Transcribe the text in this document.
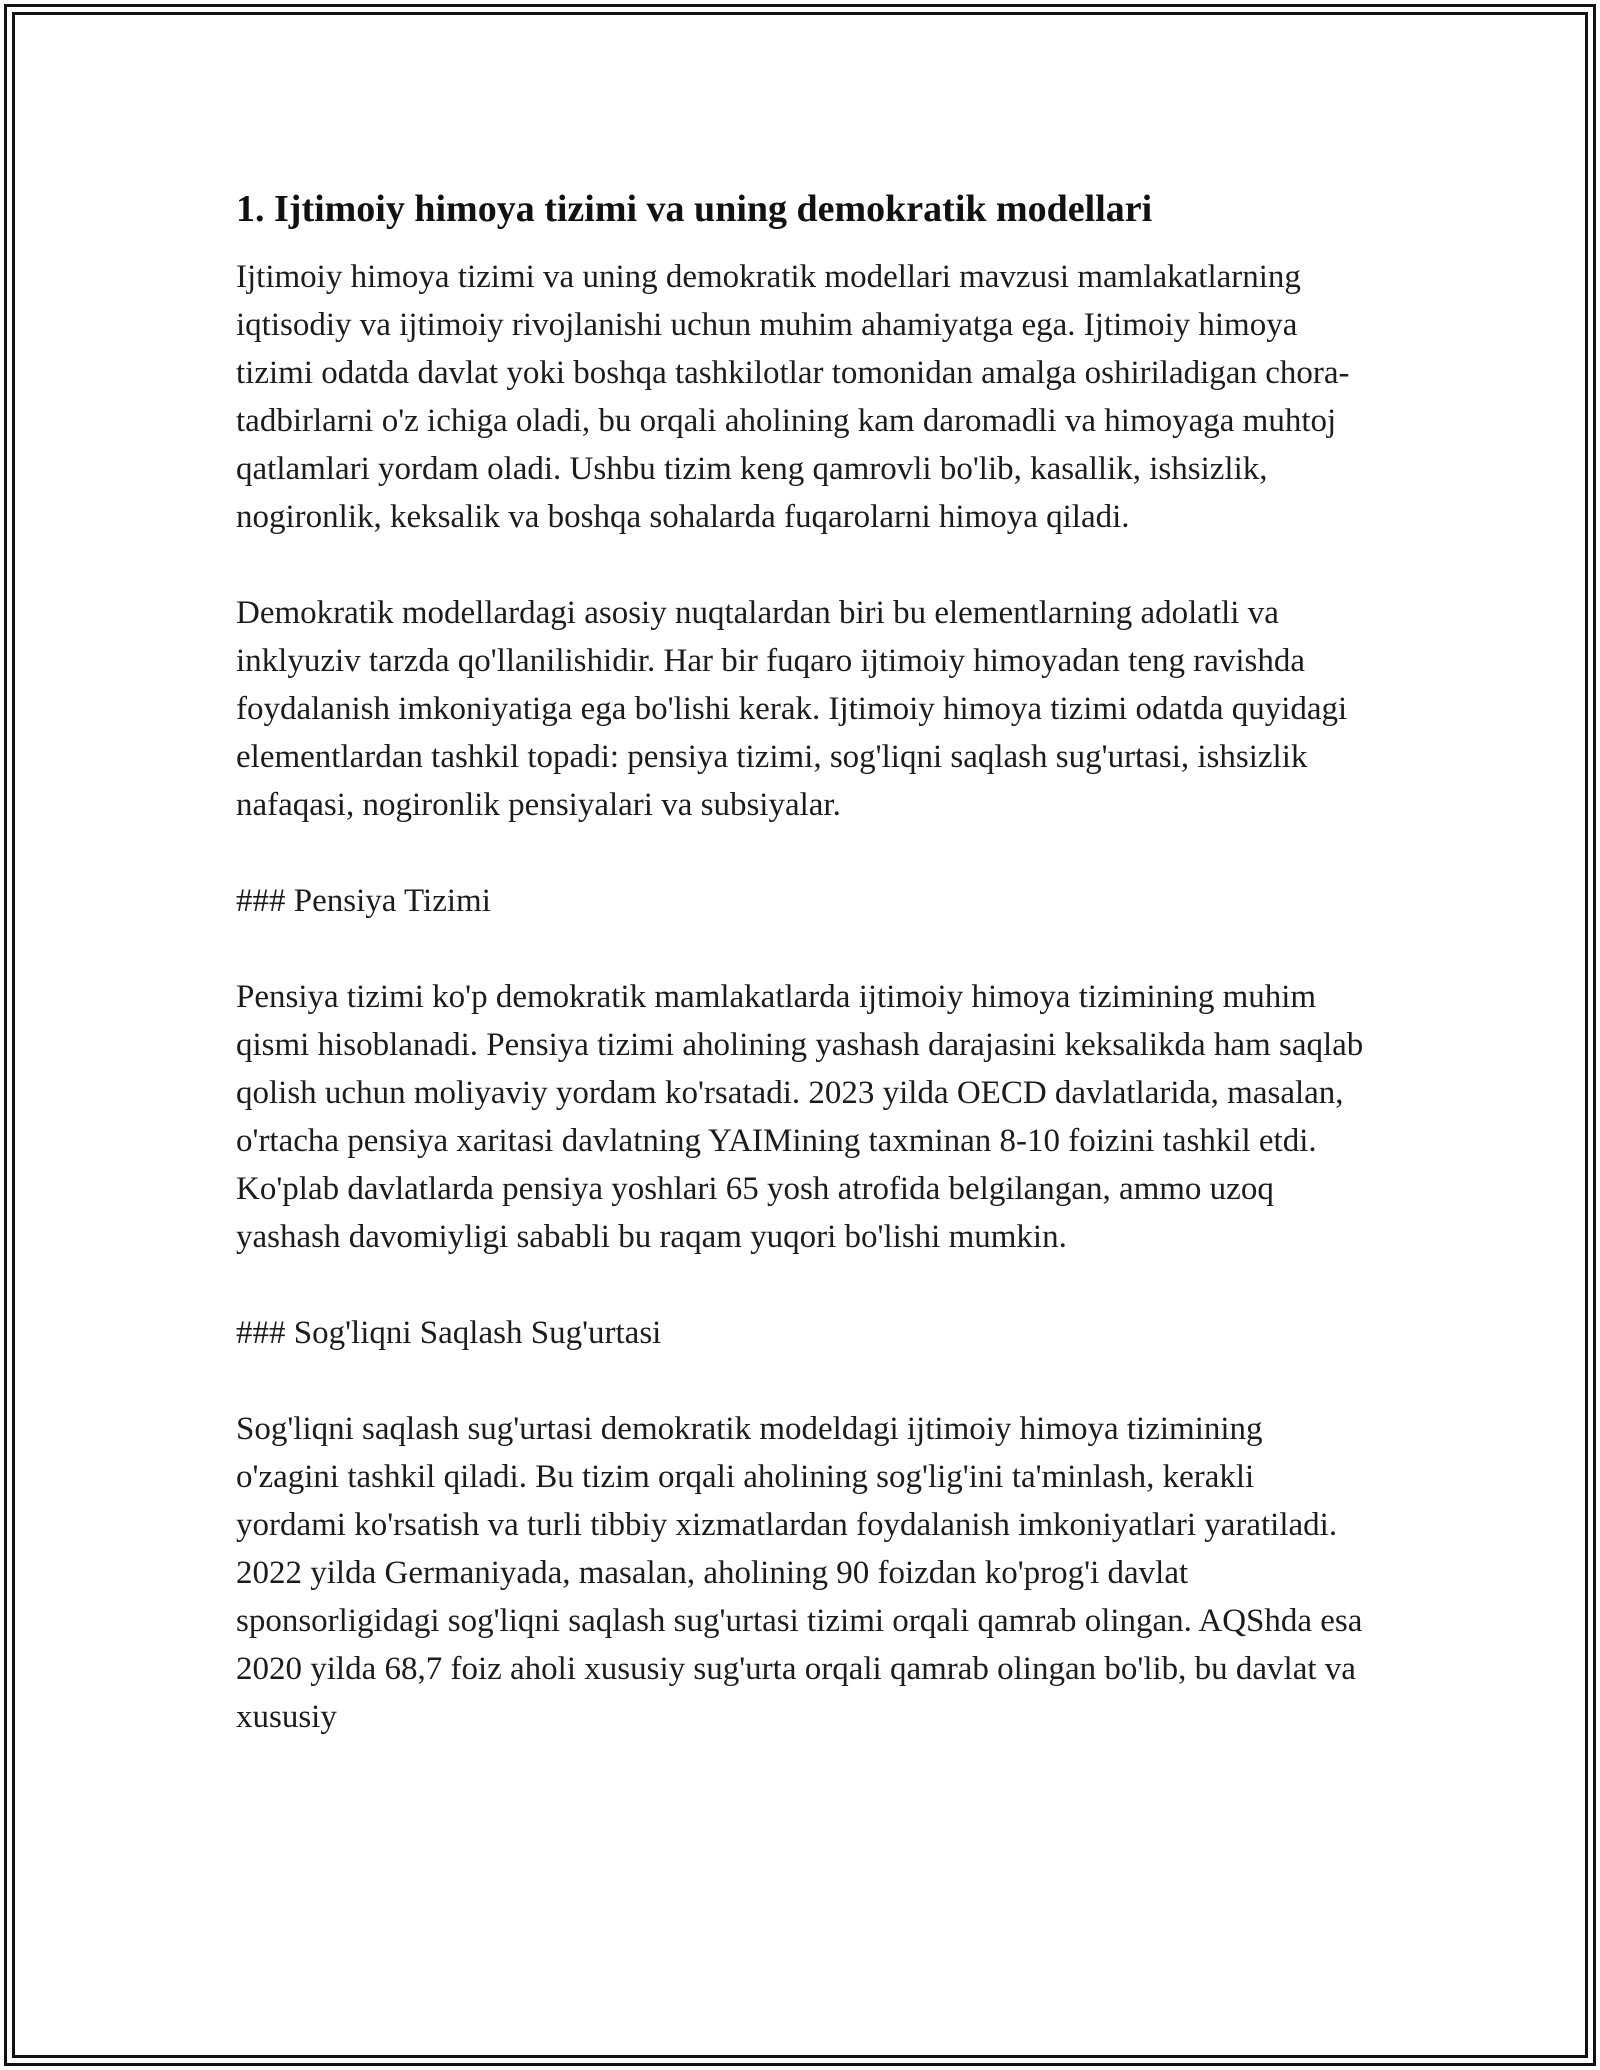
1. Ijtimoiy himoya tizimi va uning demokratik modellari

Ijtimoiy himoya tizimi va uning demokratik modellari mavzusi mamlakatlarning iqtisodiy va ijtimoiy rivojlanishi uchun muhim ahamiyatga ega. Ijtimoiy himoya tizimi odatda davlat yoki boshqa tashkilotlar tomonidan amalga oshiriladigan chora-tadbirlarni o'z ichiga oladi, bu orqali aholining kam daromadli va himoyaga muhtoj qatlamlari yordam oladi. Ushbu tizim keng qamrovli bo'lib, kasallik, ishsizlik, nogironlik, keksalik va boshqa sohalarda fuqarolarni himoya qiladi.

Demokratik modellardagi asosiy nuqtalardan biri bu elementlarning adolatli va inklyuziv tarzda qo'llanilishidir. Har bir fuqaro ijtimoiy himoyadan teng ravishda foydalanish imkoniyatiga ega bo'lishi kerak. Ijtimoiy himoya tizimi odatda quyidagi elementlardan tashkil topadi: pensiya tizimi, sog'liqni saqlash sug'urtasi, ishsizlik nafaqasi, nogironlik pensiyalari va subsiyalar.

### Pensiya Tizimi

Pensiya tizimi ko'p demokratik mamlakatlarda ijtimoiy himoya tizimining muhim qismi hisoblanadi. Pensiya tizimi aholining yashash darajasini keksalikda ham saqlab qolish uchun moliyaviy yordam ko'rsatadi. 2023 yilda OECD davlatlarida, masalan, o'rtacha pensiya xaritasi davlatning YAIMining taxminan 8-10 foizini tashkil etdi. Ko'plab davlatlarda pensiya yoshlari 65 yosh atrofida belgilangan, ammo uzoq yashash davomiyligi sababli bu raqam yuqori bo'lishi mumkin.

### Sog'liqni Saqlash Sug'urtasi

Sog'liqni saqlash sug'urtasi demokratik modeldagi ijtimoiy himoya tizimining o'zagini tashkil qiladi. Bu tizim orqali aholining sog'lig'ini ta'minlash, kerakli yordami ko'rsatish va turli tibbiy xizmatlardan foydalanish imkoniyatlari yaratiladi. 2022 yilda Germaniyada, masalan, aholining 90 foizdan ko'prog'i davlat sponsorligidagi sog'liqni saqlash sug'urtasi tizimi orqali qamrab olingan. AQShda esa 2020 yilda 68,7 foiz aholi xususiy sug'urta orqali qamrab olingan bo'lib, bu davlat va xususiy
